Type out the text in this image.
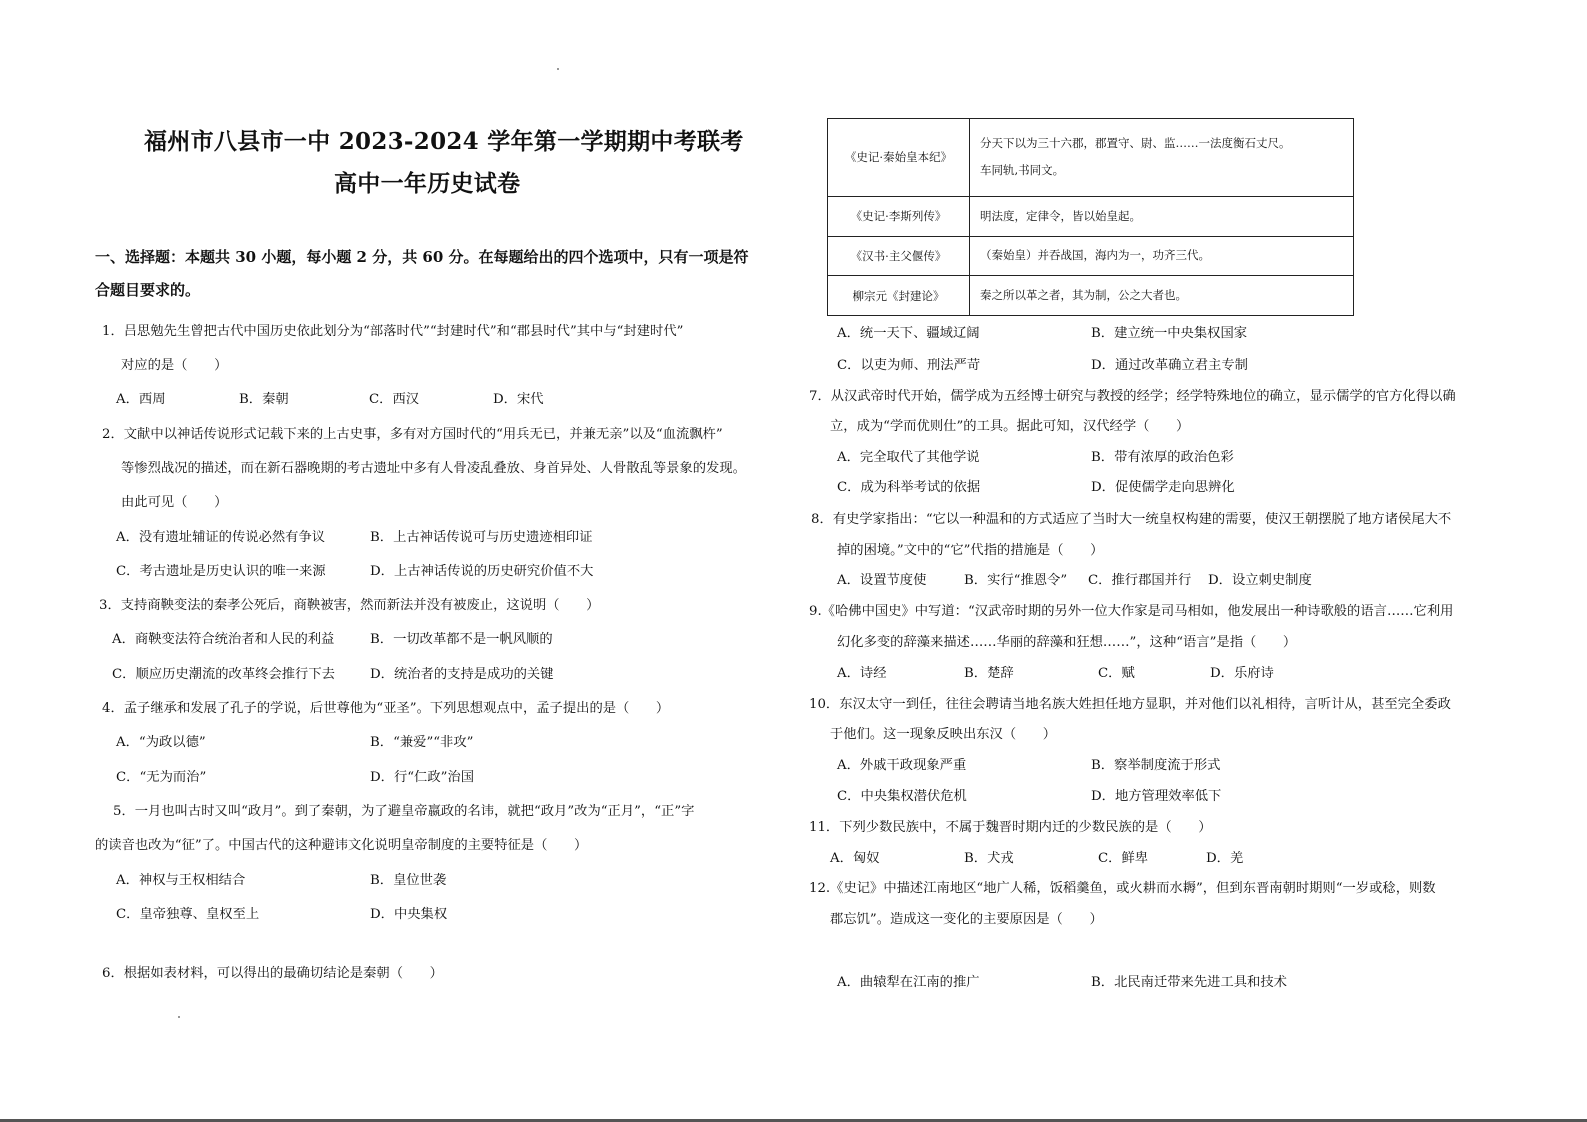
福州市八县市一中 2023-2024 学年第一学期期中考联考
高中一年历史试卷
一、选择题：本题共 30 小题，每小题 2 分，共 60 分。在每题给出的四个选项中，只有一项是符
合题目要求的。
1．吕思勉先生曾把古代中国历史依此划分为“部落时代”“封建时代”和“郡县时代”其中与“封建时代”
对应的是（　　）
A．西周	B．秦朝	C．西汉	D．宋代
2．文献中以神话传说形式记载下来的上古史事，多有对方国时代的“用兵无已，并兼无亲”以及“血流飘杵”
等惨烈战况的描述，而在新石器晚期的考古遗址中多有人骨凌乱叠放、身首异处、人骨散乱等景象的发现。
由此可见（　　）
A．没有遗址辅证的传说必然有争议	B．上古神话传说可与历史遗迹相印证
C．考古遗址是历史认识的唯一来源	D．上古神话传说的历史研究价值不大
3．支持商鞅变法的秦孝公死后，商鞅被害，然而新法并没有被废止，这说明（　　）
A．商鞅变法符合统治者和人民的利益	B．一切改革都不是一帆风顺的
C．顺应历史潮流的改革终会推行下去	D．统治者的支持是成功的关键
4．孟子继承和发展了孔子的学说，后世尊他为“亚圣”。下列思想观点中，孟子提出的是（　　）
A．“为政以德”	B．“兼爱”“非攻”
C．“无为而治”	D．行“仁政”治国
5．一月也叫古时又叫“政月”。到了秦朝，为了避皇帝嬴政的名讳，就把“政月”改为“正月”，“正”字
的读音也改为“征”了。中国古代的这种避讳文化说明皇帝制度的主要特征是（　　）
A．神权与王权相结合	B．皇位世袭
C．皇帝独尊、皇权至上	D．中央集权
6．根据如表材料，可以得出的最确切结论是秦朝（　　）
《史记·秦始皇本纪》	分天下以为三十六郡，郡置守、尉、监……一法度衡石丈尺。
车同轨,书同文。
《史记·李斯列传》	明法度，定律令，皆以始皇起。
《汉书·主父偃传》	（秦始皇）并吞战国，海内为一，功齐三代。
柳宗元《封建论》	秦之所以革之者，其为制，公之大者也。
A．统一天下、疆域辽阔	B．建立统一中央集权国家
C．以吏为师、刑法严苛	D．通过改革确立君主专制
7．从汉武帝时代开始，儒学成为五经博士研究与教授的经学；经学特殊地位的确立，显示儒学的官方化得以确
立，成为“学而优则仕”的工具。据此可知，汉代经学（　　）
A．完全取代了其他学说	B．带有浓厚的政治色彩
C．成为科举考试的依据	D．促使儒学走向思辨化
8．有史学家指出：“它以一种温和的方式适应了当时大一统皇权构建的需要，使汉王朝摆脱了地方诸侯尾大不
掉的困境。”文中的“它”代指的措施是（　　）
A．设置节度使	B．实行“推恩令” C．推行郡国并行 D．设立刺史制度
9.《哈佛中国史》中写道：“汉武帝时期的另外一位大作家是司马相如，他发展出一种诗歌般的语言……它利用
幻化多变的辞藻来描述……华丽的辞藻和狂想……”，这种“语言”是指（　　）
A．诗经	B．楚辞	C．赋	D．乐府诗
10．东汉太守一到任，往往会聘请当地名族大姓担任地方显职，并对他们以礼相待，言听计从，甚至完全委政
于他们。这一现象反映出东汉（　　）
A．外戚干政现象严重	B．察举制度流于形式
C．中央集权潜伏危机	D．地方管理效率低下
11．下列少数民族中，不属于魏晋时期内迁的少数民族的是（　　）
A．匈奴	B．犬戎	C．鲜卑	D．羌
12.《史记》中描述江南地区“地广人稀，饭稻羹鱼，或火耕而水耨”，但到东晋南朝时期则“一岁或稔，则数
郡忘饥”。造成这一变化的主要原因是（　　）
A．曲辕犁在江南的推广	B．北民南迁带来先进工具和技术
